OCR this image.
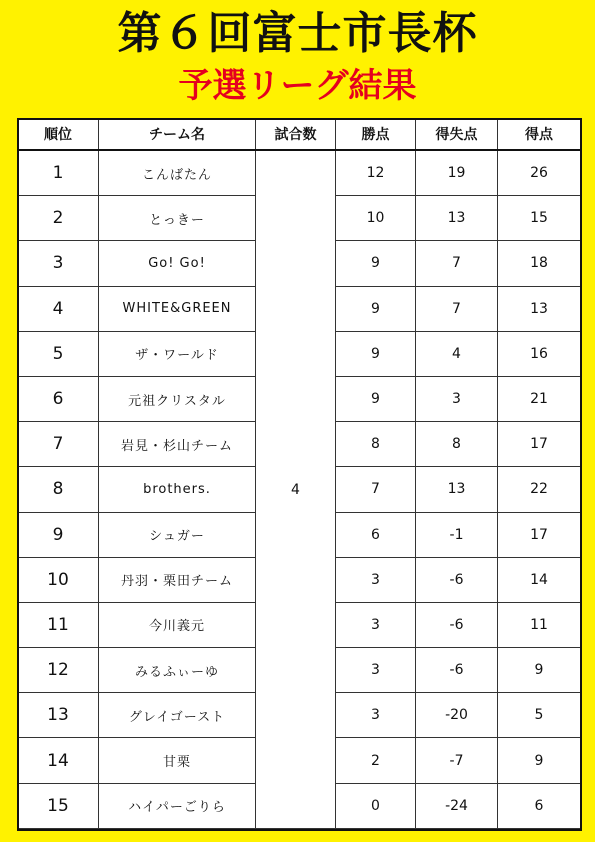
第６回富士市長杯
予選リーグ結果
順位	チーム名	試合数	勝点	得失点	得点
1	こんばたん	4	12	19	26
2	とっきー		10	13	15
3	Go! Go!		9	7	18
4	WHITE&GREEN		9	7	13
5	ザ・ワールド		9	4	16
6	元祖クリスタル		9	3	21
7	岩見・杉山チーム		8	8	17
8	brothers.		7	13	22
9	シュガー		6	-1	17
10	丹羽・栗田チーム		3	-6	14
11	今川義元		3	-6	11
12	みるふぃーゆ		3	-6	9
13	グレイゴースト		3	-20	5
14	甘栗		2	-7	9
15	ハイパーごりら		0	-24	6
